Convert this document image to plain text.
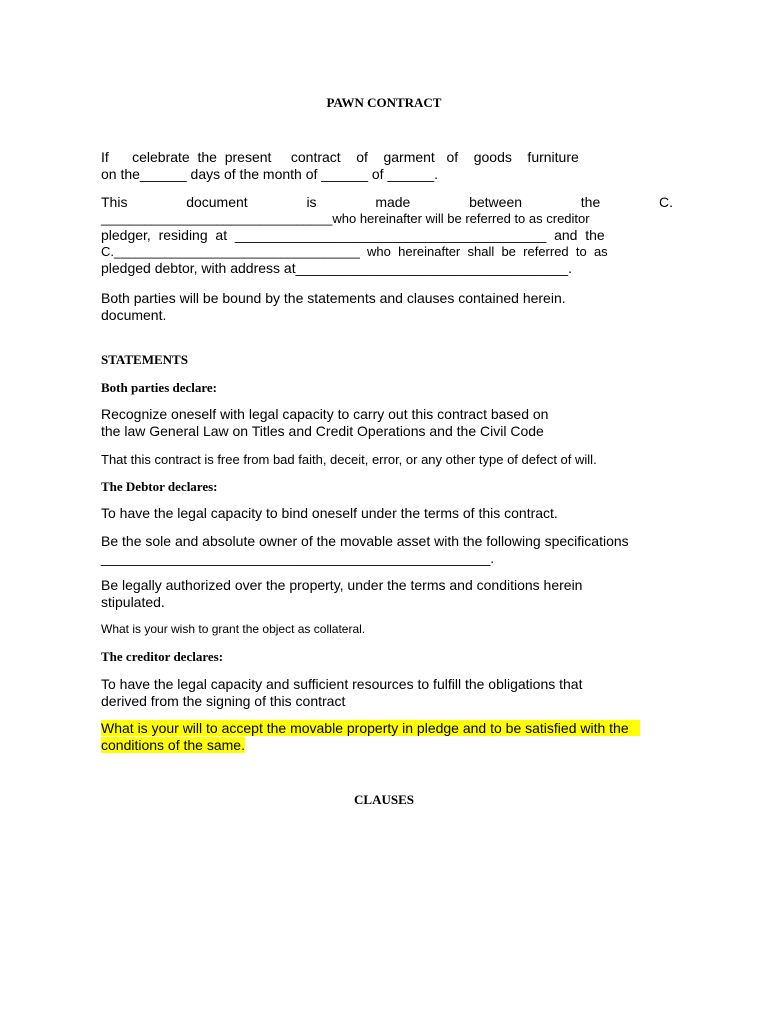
PAWN CONTRACT

If      celebrate  the  present     contract    of    garment   of    goods    furniture
on the______ days of the month of ______ of ______.
This	document	is	made	between	the	C.
________________________________who hereinafter will be referred to as creditor
pledger,  residing  at  ________________________________________  and  the
C.__________________________________  who  hereinafter  shall  be  referred  to  as
pledged debtor, with address at___________________________________.
Both parties will be bound by the statements and clauses contained herein.
document.

STATEMENTS

Both parties declare:

Recognize oneself with legal capacity to carry out this contract based on
the law General Law on Titles and Credit Operations and the Civil Code

That this contract is free from bad faith, deceit, error, or any other type of defect of will.

The Debtor declares:

To have the legal capacity to bind oneself under the terms of this contract.

Be the sole and absolute owner of the movable asset with the following specifications
__________________________________________________.
Be legally authorized over the property, under the terms and conditions herein
stipulated.

What is your wish to grant the object as collateral.

The creditor declares:

To have the legal capacity and sufficient resources to fulfill the obligations that
derived from the signing of this contract
What is your will to accept the movable property in pledge and to be satisfied with the
conditions of the same.

CLAUSES
